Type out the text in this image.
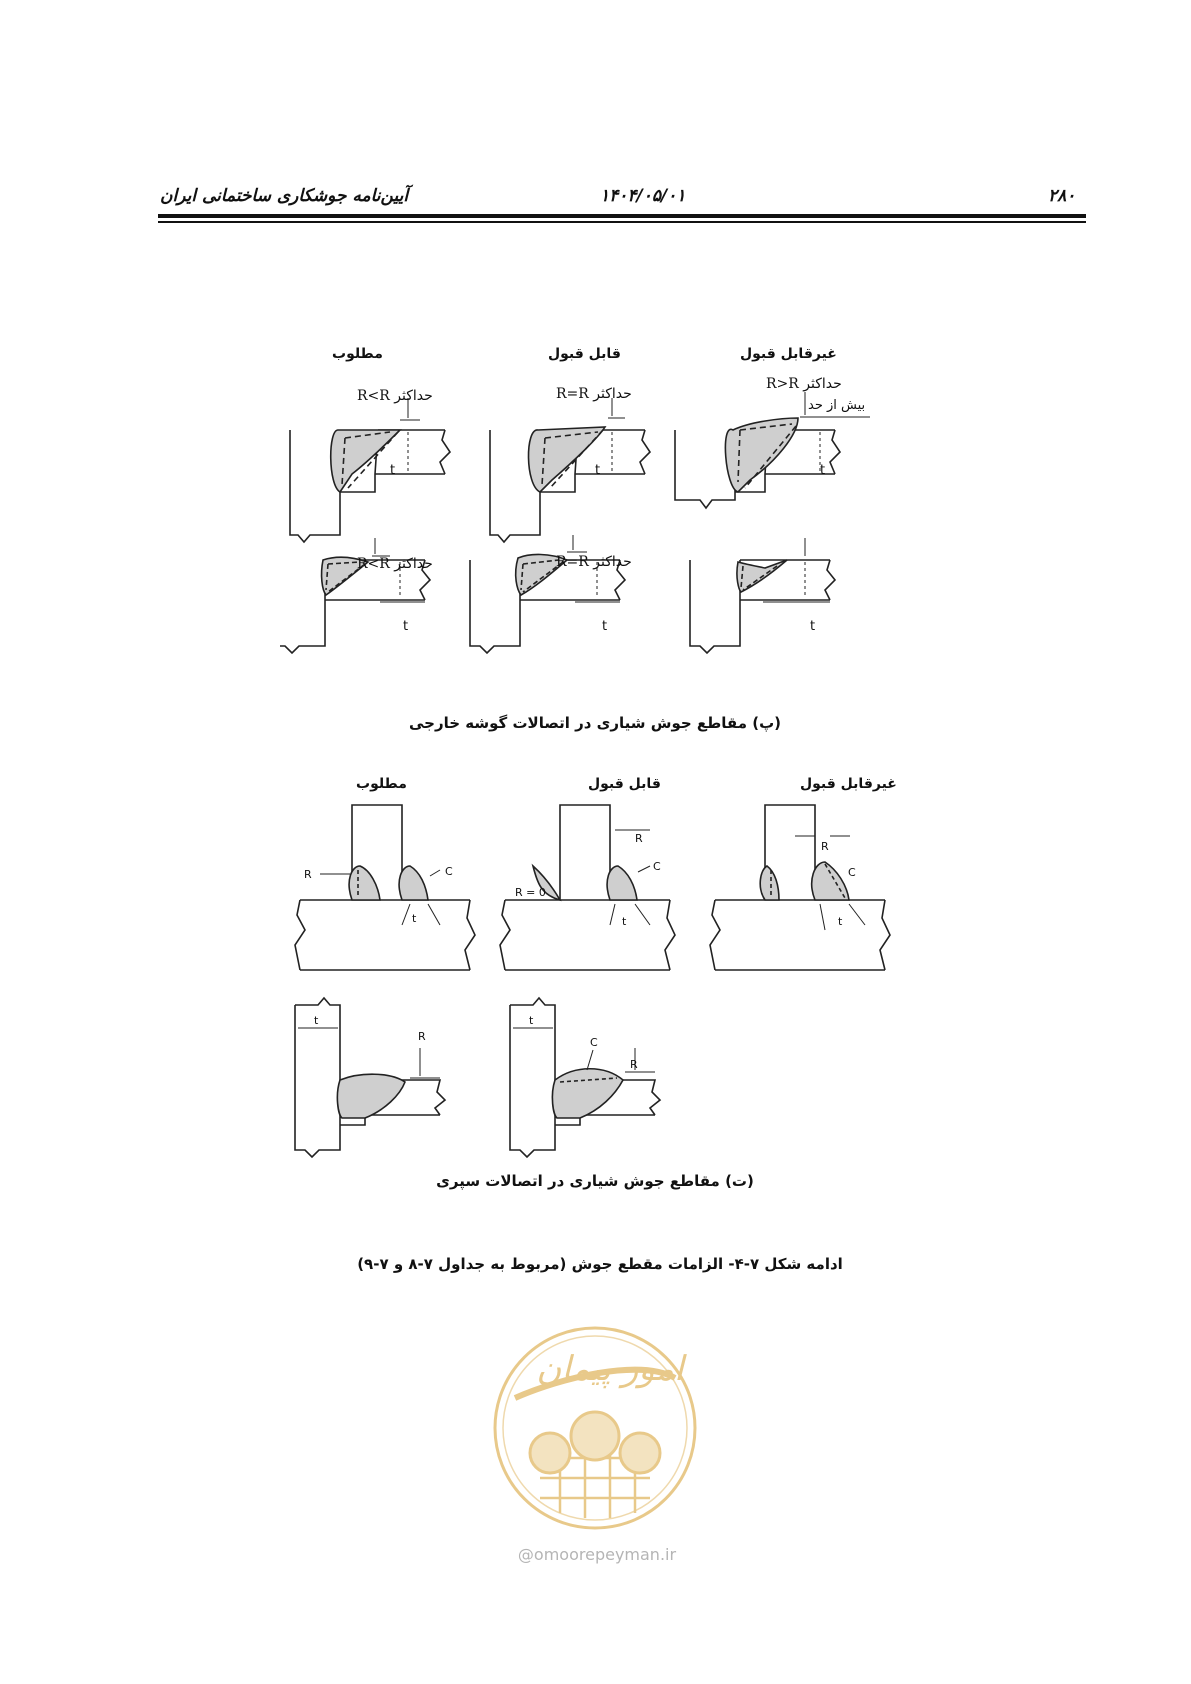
۲۸۰
۱۴۰۴/۰۵/۰۱
آیین‌نامه جوشکاری ساختمانی ایران
مطلوب	قابل قبول	غیرقابل قبول
t	t	t
t	t	t
حداکثر R<R	حداکثر R=R
حداکثر R>R
بیش از حد
حداکثر R<R	حداکثر R=R
(پ) مقاطع جوش شیاری در اتصالات گوشه خارجی
مطلوب	قابل قبول	غیرقابل قبول
R	C
t
R
R = 0
C
t
R
C
t
t
R
t
C
R
(ت) مقاطع جوش شیاری در اتصالات سپری
ادامه شکل ۷-۴- الزامات مقطع جوش (مربوط به جداول ۷-۸ و ۷-۹)
امور پیمان
@omoorepeyman.ir
